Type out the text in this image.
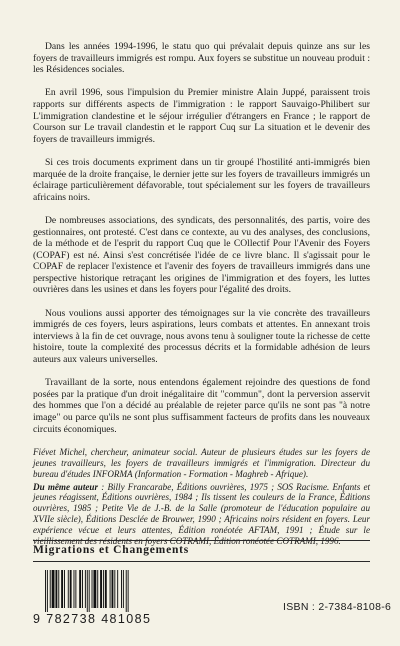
Dans les années 1994-1996, le statu quo qui prévalait depuis quinze ans sur les foyers de travailleurs immigrés est rompu. Aux foyers se substitue un nouveau produit : les Résidences sociales.

En avril 1996, sous l'impulsion du Premier ministre Alain Juppé, paraissent trois rapports sur différents aspects de l'immigration : le rapport Sauvaigo-Philibert sur L'immigration clandestine et le séjour irrégulier d'étrangers en France ; le rapport de Courson sur Le travail clandestin et le rapport Cuq sur La situation et le devenir des foyers de travailleurs immigrés.

Si ces trois documents expriment dans un tir groupé l'hostilité anti-immigrés bien marquée de la droite française, le dernier jette sur les foyers de travailleurs immigrés un éclairage particulièrement défavorable, tout spécialement sur les foyers de travailleurs africains noirs.

De nombreuses associations, des syndicats, des personnalités, des partis, voire des gestionnaires, ont protesté. C'est dans ce contexte, au vu des analyses, des conclusions, de la méthode et de l'esprit du rapport Cuq que le COllectif Pour l'Avenir des Foyers (COPAF) est né. Ainsi s'est concrétisée l'idée de ce livre blanc. Il s'agissait pour le COPAF de replacer l'existence et l'avenir des foyers de travailleurs immigrés dans une perspective historique retraçant les origines de l'immigration et des foyers, les luttes ouvrières dans les usines et dans les foyers pour l'égalité des droits.

Nous voulions aussi apporter des témoignages sur la vie concrète des travailleurs immigrés de ces foyers, leurs aspirations, leurs combats et attentes. En annexant trois interviews à la fin de cet ouvrage, nous avons tenu à souligner toute la richesse de cette histoire, toute la complexité des processus décrits et la formidable adhésion de leurs auteurs aux valeurs universelles.

Travaillant de la sorte, nous entendons également rejoindre des questions de fond posées par la pratique d'un droit inégalitaire dit "commun", dont la perversion asservit des hommes que l'on a décidé au préalable de rejeter parce qu'ils ne sont pas "à notre image" ou parce qu'ils ne sont plus suffisamment facteurs de profits dans les nouveaux circuits économiques.

Fiévet Michel, chercheur, animateur social. Auteur de plusieurs études sur les foyers de jeunes travailleurs, les foyers de travailleurs immigrés et l'immigration. Directeur du bureau d'études INFORMA (Information - Formation - Maghreb - Afrique).

Du même auteur : Billy Francarabe, Éditions ouvrières, 1975 ; SOS Racisme. Enfants et jeunes réagissent, Éditions ouvrières, 1984 ; Ils tissent les couleurs de la France, Éditions ouvrières, 1985 ; Petite Vie de J.-B. de la Salle (promoteur de l'éducation populaire au XVIIe siècle), Éditions Desclée de Brouwer, 1990 ; Africains noirs résident en foyers. Leur expérience vécue et leurs attentes, Édition ronéotée AFTAM, 1991 ; Étude sur le vieillissement des résidents en foyers COTRAMI, Édition ronéotée COTRAMI, 1996.

Migrations et Changements
9 782738 481085
ISBN : 2-7384-8108-6
